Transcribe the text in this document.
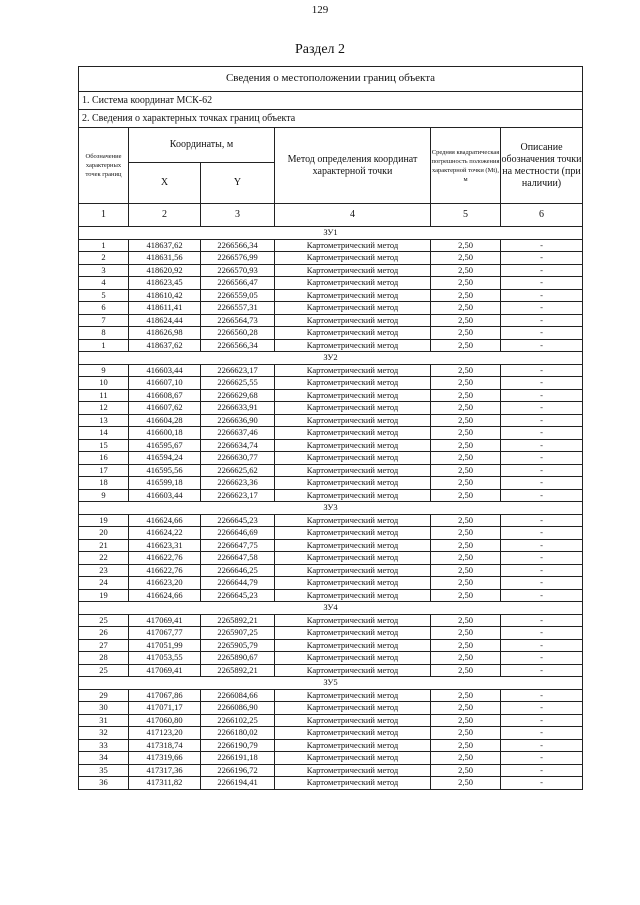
129
Раздел 2
Сведения о местоположении границ объекта					
1. Система координат МСК-62					
2. Сведения о характерных точках границ объекта					
Обозначение характерных точек границ	Координаты, м		Метод определения координат характерной точки	Средняя квадратическая погрешность положения характерной точки (Mt), м	Описание обозначения точки на местности (при наличии)
	X	Y			
1	2	3	4	5	6
ЗУ1					
1	418637,62	2266566,34	Картометрический метод	2,50	-
2	418631,56	2266576,99	Картометрический метод	2,50	-
3	418620,92	2266570,93	Картометрический метод	2,50	-
4	418623,45	2266566,47	Картометрический метод	2,50	-
5	418610,42	2266559,05	Картометрический метод	2,50	-
6	418611,41	2266557,31	Картометрический метод	2,50	-
7	418624,44	2266564,73	Картометрический метод	2,50	-
8	418626,98	2266560,28	Картометрический метод	2,50	-
1	418637,62	2266566,34	Картометрический метод	2,50	-
ЗУ2					
9	416603,44	2266623,17	Картометрический метод	2,50	-
10	416607,10	2266625,55	Картометрический метод	2,50	-
11	416608,67	2266629,68	Картометрический метод	2,50	-
12	416607,62	2266633,91	Картометрический метод	2,50	-
13	416604,28	2266636,90	Картометрический метод	2,50	-
14	416600,18	2266637,46	Картометрический метод	2,50	-
15	416595,67	2266634,74	Картометрический метод	2,50	-
16	416594,24	2266630,77	Картометрический метод	2,50	-
17	416595,56	2266625,62	Картометрический метод	2,50	-
18	416599,18	2266623,36	Картометрический метод	2,50	-
9	416603,44	2266623,17	Картометрический метод	2,50	-
ЗУ3					
19	416624,66	2266645,23	Картометрический метод	2,50	-
20	416624,22	2266646,69	Картометрический метод	2,50	-
21	416623,31	2266647,75	Картометрический метод	2,50	-
22	416622,76	2266647,58	Картометрический метод	2,50	-
23	416622,76	2266646,25	Картометрический метод	2,50	-
24	416623,20	2266644,79	Картометрический метод	2,50	-
19	416624,66	2266645,23	Картометрический метод	2,50	-
ЗУ4					
25	417069,41	2265892,21	Картометрический метод	2,50	-
26	417067,77	2265907,25	Картометрический метод	2,50	-
27	417051,99	2265905,79	Картометрический метод	2,50	-
28	417053,55	2265890,67	Картометрический метод	2,50	-
25	417069,41	2265892,21	Картометрический метод	2,50	-
ЗУ5					
29	417067,86	2266084,66	Картометрический метод	2,50	-
30	417071,17	2266086,90	Картометрический метод	2,50	-
31	417060,80	2266102,25	Картометрический метод	2,50	-
32	417123,20	2266180,02	Картометрический метод	2,50	-
33	417318,74	2266190,79	Картометрический метод	2,50	-
34	417319,66	2266191,18	Картометрический метод	2,50	-
35	417317,36	2266196,72	Картометрический метод	2,50	-
36	417311,82	2266194,41	Картометрический метод	2,50	-
